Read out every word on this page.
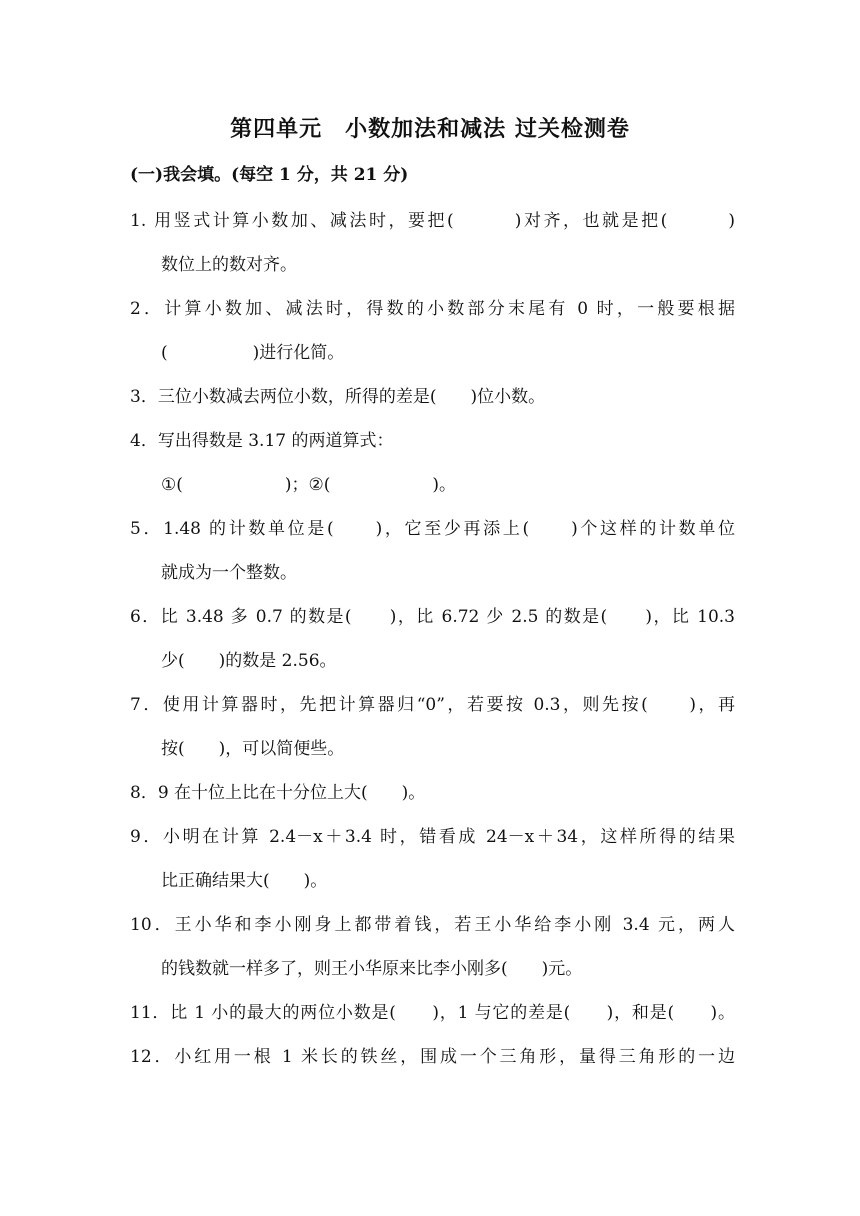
第四单元　小数加法和减法 过关检测卷
(一)我会填。(每空 1 分，共 21 分)
1. 用竖式计算小数加、减法时，要把(　　　)对齐，也就是把(　　　)
数位上的数对齐。
2．计算小数加、减法时，得数的小数部分末尾有 0 时，一般要根据
(　　　　　)进行化简。
3．三位小数减去两位小数，所得的差是(　　)位小数。
4．写出得数是 3.17 的两道算式：
①(　　　　　　)；②(　　　　　　)。
5．1.48 的计数单位是(　　)，它至少再添上(　　)个这样的计数单位
就成为一个整数。
6．比 3.48 多 0.7 的数是(　　)，比 6.72 少 2.5 的数是(　　)，比 10.3
少(　　)的数是 2.56。
7．使用计算器时，先把计算器归“0”，若要按 0.3，则先按(　　)，再
按(　　)，可以简便些。
8．9 在十位上比在十分位上大(　　)。
9．小明在计算 2.4－x＋3.4 时，错看成 24－x＋34，这样所得的结果
比正确结果大(　　)。
10．王小华和李小刚身上都带着钱，若王小华给李小刚 3.4 元，两人
的钱数就一样多了，则王小华原来比李小刚多(　　)元。
11．比 1 小的最大的两位小数是(　　)，1 与它的差是(　　)，和是(　　)。
12．小红用一根 1 米长的铁丝，围成一个三角形，量得三角形的一边
